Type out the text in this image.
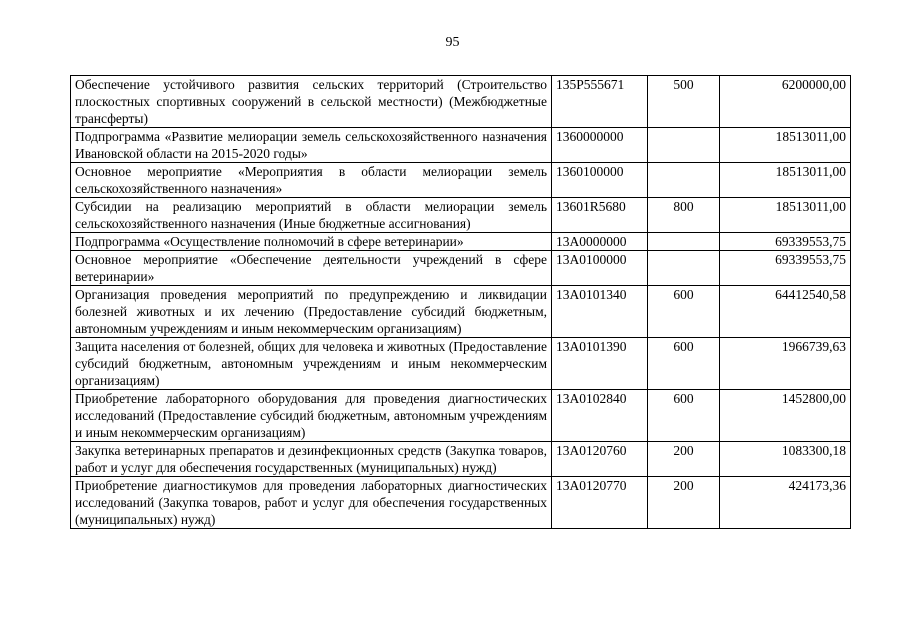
95
Обеспечение устойчивого развития сельских территорий (Строительство плоскостных спортивных сооружений в сельской местности) (Межбюджетные трансферты)	135P555671	500	6200000,00
Подпрограмма «Развитие мелиорации земель сельскохозяйственного назначения Ивановской области на 2015-2020 годы»	1360000000		18513011,00
Основное мероприятие «Мероприятия в области мелиорации земель сельскохозяйственного назначения»	1360100000		18513011,00
Субсидии на реализацию мероприятий в области мелиорации земель сельскохозяйственного назначения (Иные бюджетные ассигнования)	13601R5680	800	18513011,00
Подпрограмма «Осуществление полномочий в сфере ветеринарии»	13А0000000		69339553,75
Основное мероприятие «Обеспечение деятельности учреждений в сфере ветеринарии»	13А0100000		69339553,75
Организация проведения мероприятий по предупреждению и ликвидации болезней животных и их лечению (Предоставление субсидий бюджетным, автономным учреждениям и иным некоммерческим организациям)	13А0101340	600	64412540,58
Защита населения от болезней, общих для человека и животных (Предоставление субсидий бюджетным, автономным учреждениям и иным некоммерческим организациям)	13А0101390	600	1966739,63
Приобретение лабораторного оборудования для проведения диагностических исследований (Предоставление субсидий бюджетным, автономным учреждениям и иным некоммерческим организациям)	13А0102840	600	1452800,00
Закупка ветеринарных препаратов и дезинфекционных средств (Закупка товаров, работ и услуг для обеспечения государственных (муниципальных) нужд)	13А0120760	200	1083300,18
Приобретение диагностикумов для проведения лабораторных диагностических исследований (Закупка товаров, работ и услуг для обеспечения государственных (муниципальных) нужд)	13А0120770	200	424173,36
